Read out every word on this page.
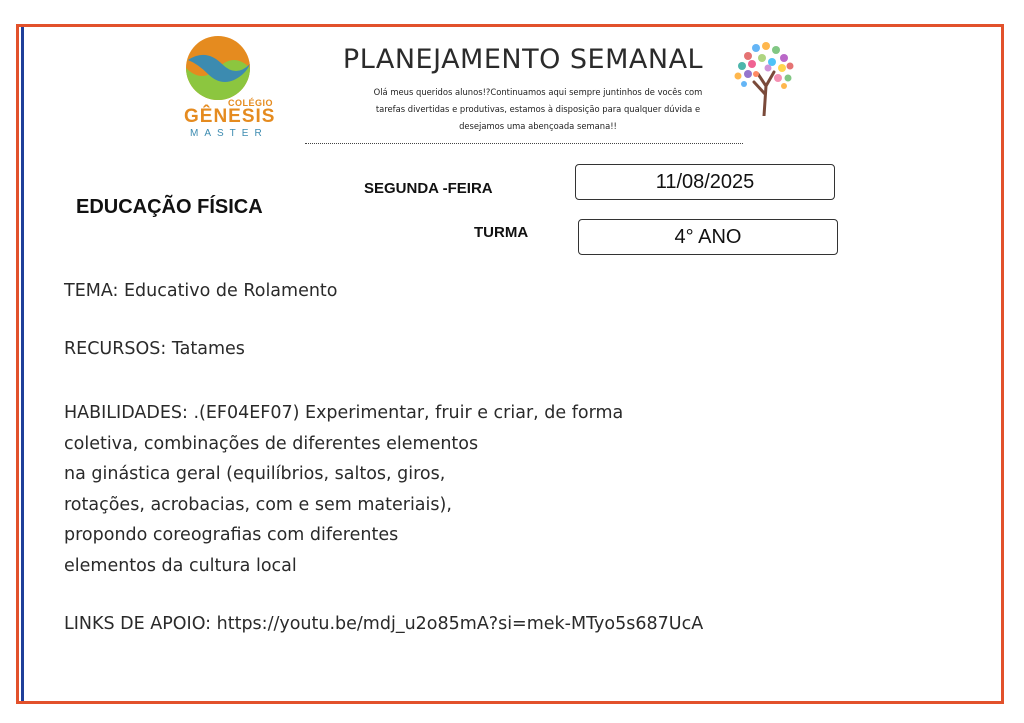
COLÉGIO
GÊNESIS
MASTER
PLANEJAMENTO SEMANAL
Olá meus queridos alunos!?Continuamos aqui sempre juntinhos de vocês com
tarefas divertidas e produtivas, estamos à disposição para qualquer dúvida e
desejamos uma abençoada semana!!
EDUCAÇÃO FÍSICA
SEGUNDA -FEIRA	11/08/2025
TURMA	4° ANO
TEMA: Educativo de Rolamento
RECURSOS: Tatames
HABILIDADES: .(EF04EF07) Experimentar, fruir e criar, de forma
coletiva, combinações de diferentes elementos
na ginástica geral (equilíbrios, saltos, giros,
rotações, acrobacias, com e sem materiais),
propondo coreografias com diferentes
elementos da cultura local
LINKS DE APOIO: https://youtu.be/mdj_u2o85mA?si=mek-MTyo5s687UcA
